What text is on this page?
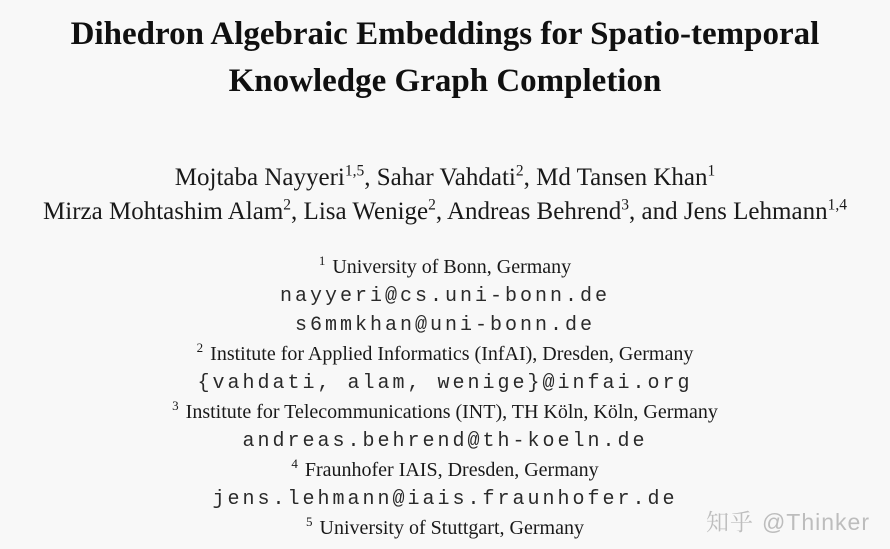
Dihedron Algebraic Embeddings for Spatio-temporal
Knowledge Graph Completion
Mojtaba Nayyeri$^{1,5}$, Sahar Vahdati$^2$, Md Tansen Khan$^1$
Mirza Mohtashim Alam$^2$, Lisa Wenige$^2$, Andreas Behrend$^3$, and Jens Lehmann$^{1,4}$
$^1$ University of Bonn, Germany
nayyeri@cs.uni-bonn.de
s6mmkhan@uni-bonn.de
$^2$ Institute for Applied Informatics (InfAI), Dresden, Germany
{vahdati, alam, wenige}@infai.org
$^3$ Institute for Telecommunications (INT), TH Köln, Köln, Germany
andreas.behrend@th-koeln.de
$^4$ Fraunhofer IAIS, Dresden, Germany
jens.lehmann@iais.fraunhofer.de
$^5$ University of Stuttgart, Germany	知乎 @Thinker
